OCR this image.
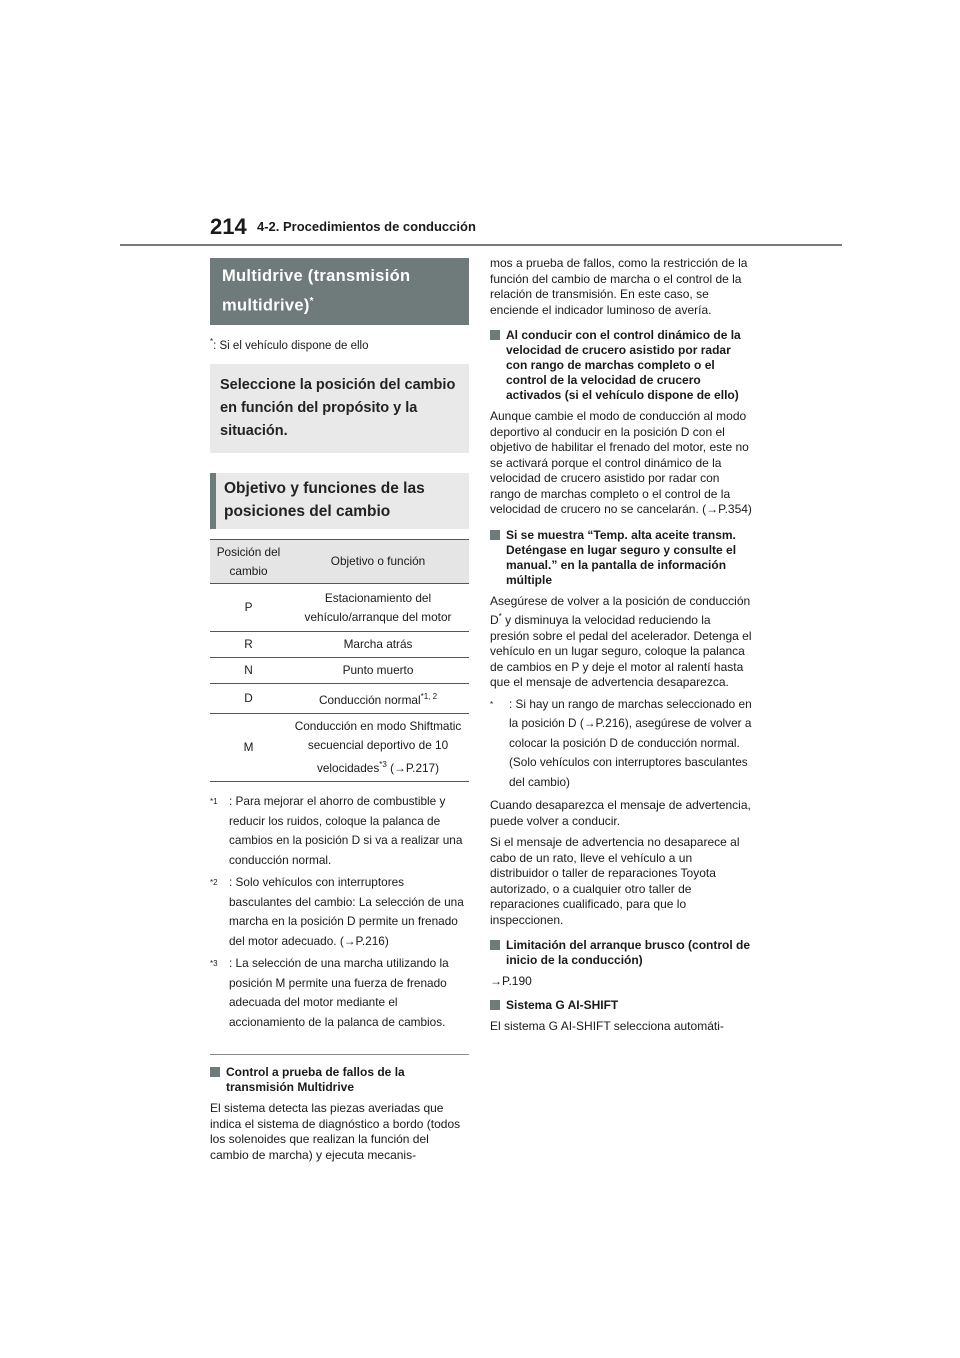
214 4-2. Procedimientos de conducción
Multidrive (transmisión multidrive)*
*: Si el vehículo dispone de ello
Seleccione la posición del cambio en función del propósito y la situación.
Objetivo y funciones de las posiciones del cambio
Posición del cambio	Objetivo o función
P	Estacionamiento del vehículo/arranque del motor
R	Marcha atrás
N	Punto muerto
D	Conducción normal$^{*1, 2}$
M	Conducción en modo Shiftmatic secuencial deportivo de 10 velocidades$^{*3}$ (→P.217)
$^{*1}$ : Para mejorar el ahorro de combustible y reducir los ruidos, coloque la palanca de cambios en la posición D si va a realizar una conducción normal.
$^{*2}$ : Solo vehículos con interruptores basculantes del cambio: La selección de una marcha en la posición D permite un frenado del motor adecuado. (→P.216)
$^{*3}$ : La selección de una marcha utilizando la posición M permite una fuerza de frenado adecuada del motor mediante el accionamiento de la palanca de cambios.
Control a prueba de fallos de la transmisión Multidrive
El sistema detecta las piezas averiadas que indica el sistema de diagnóstico a bordo (todos los solenoides que realizan la función del cambio de marcha) y ejecuta mecanis-
mos a prueba de fallos, como la restricción de la función del cambio de marcha o el control de la relación de transmisión. En este caso, se enciende el indicador luminoso de avería.
Al conducir con el control dinámico de la velocidad de crucero asistido por radar con rango de marchas completo o el control de la velocidad de crucero activados (si el vehículo dispone de ello)
Aunque cambie el modo de conducción al modo deportivo al conducir en la posición D con el objetivo de habilitar el frenado del motor, este no se activará porque el control dinámico de la velocidad de crucero asistido por radar con rango de marchas completo o el control de la velocidad de crucero no se cancelarán. (→P.354)
Si se muestra “Temp. alta aceite transm. Deténgase en lugar seguro y consulte el manual.” en la pantalla de información múltiple
Asegúrese de volver a la posición de conducción D* y disminuya la velocidad reduciendo la presión sobre el pedal del acelerador. Detenga el vehículo en un lugar seguro, coloque la palanca de cambios en P y deje el motor al ralentí hasta que el mensaje de advertencia desaparezca.
*	: Si hay un rango de marchas seleccionado en la posición D (→P.216), asegúrese de volver a colocar la posición D de conducción normal. (Solo vehículos con interruptores basculantes del cambio)
Cuando desaparezca el mensaje de advertencia, puede volver a conducir.
Si el mensaje de advertencia no desaparece al cabo de un rato, lleve el vehículo a un distribuidor o taller de reparaciones Toyota autorizado, o a cualquier otro taller de reparaciones cualificado, para que lo inspeccionen.
Limitación del arranque brusco (control de inicio de la conducción)
→P.190
Sistema G AI-SHIFT
El sistema G AI-SHIFT selecciona automáti-
